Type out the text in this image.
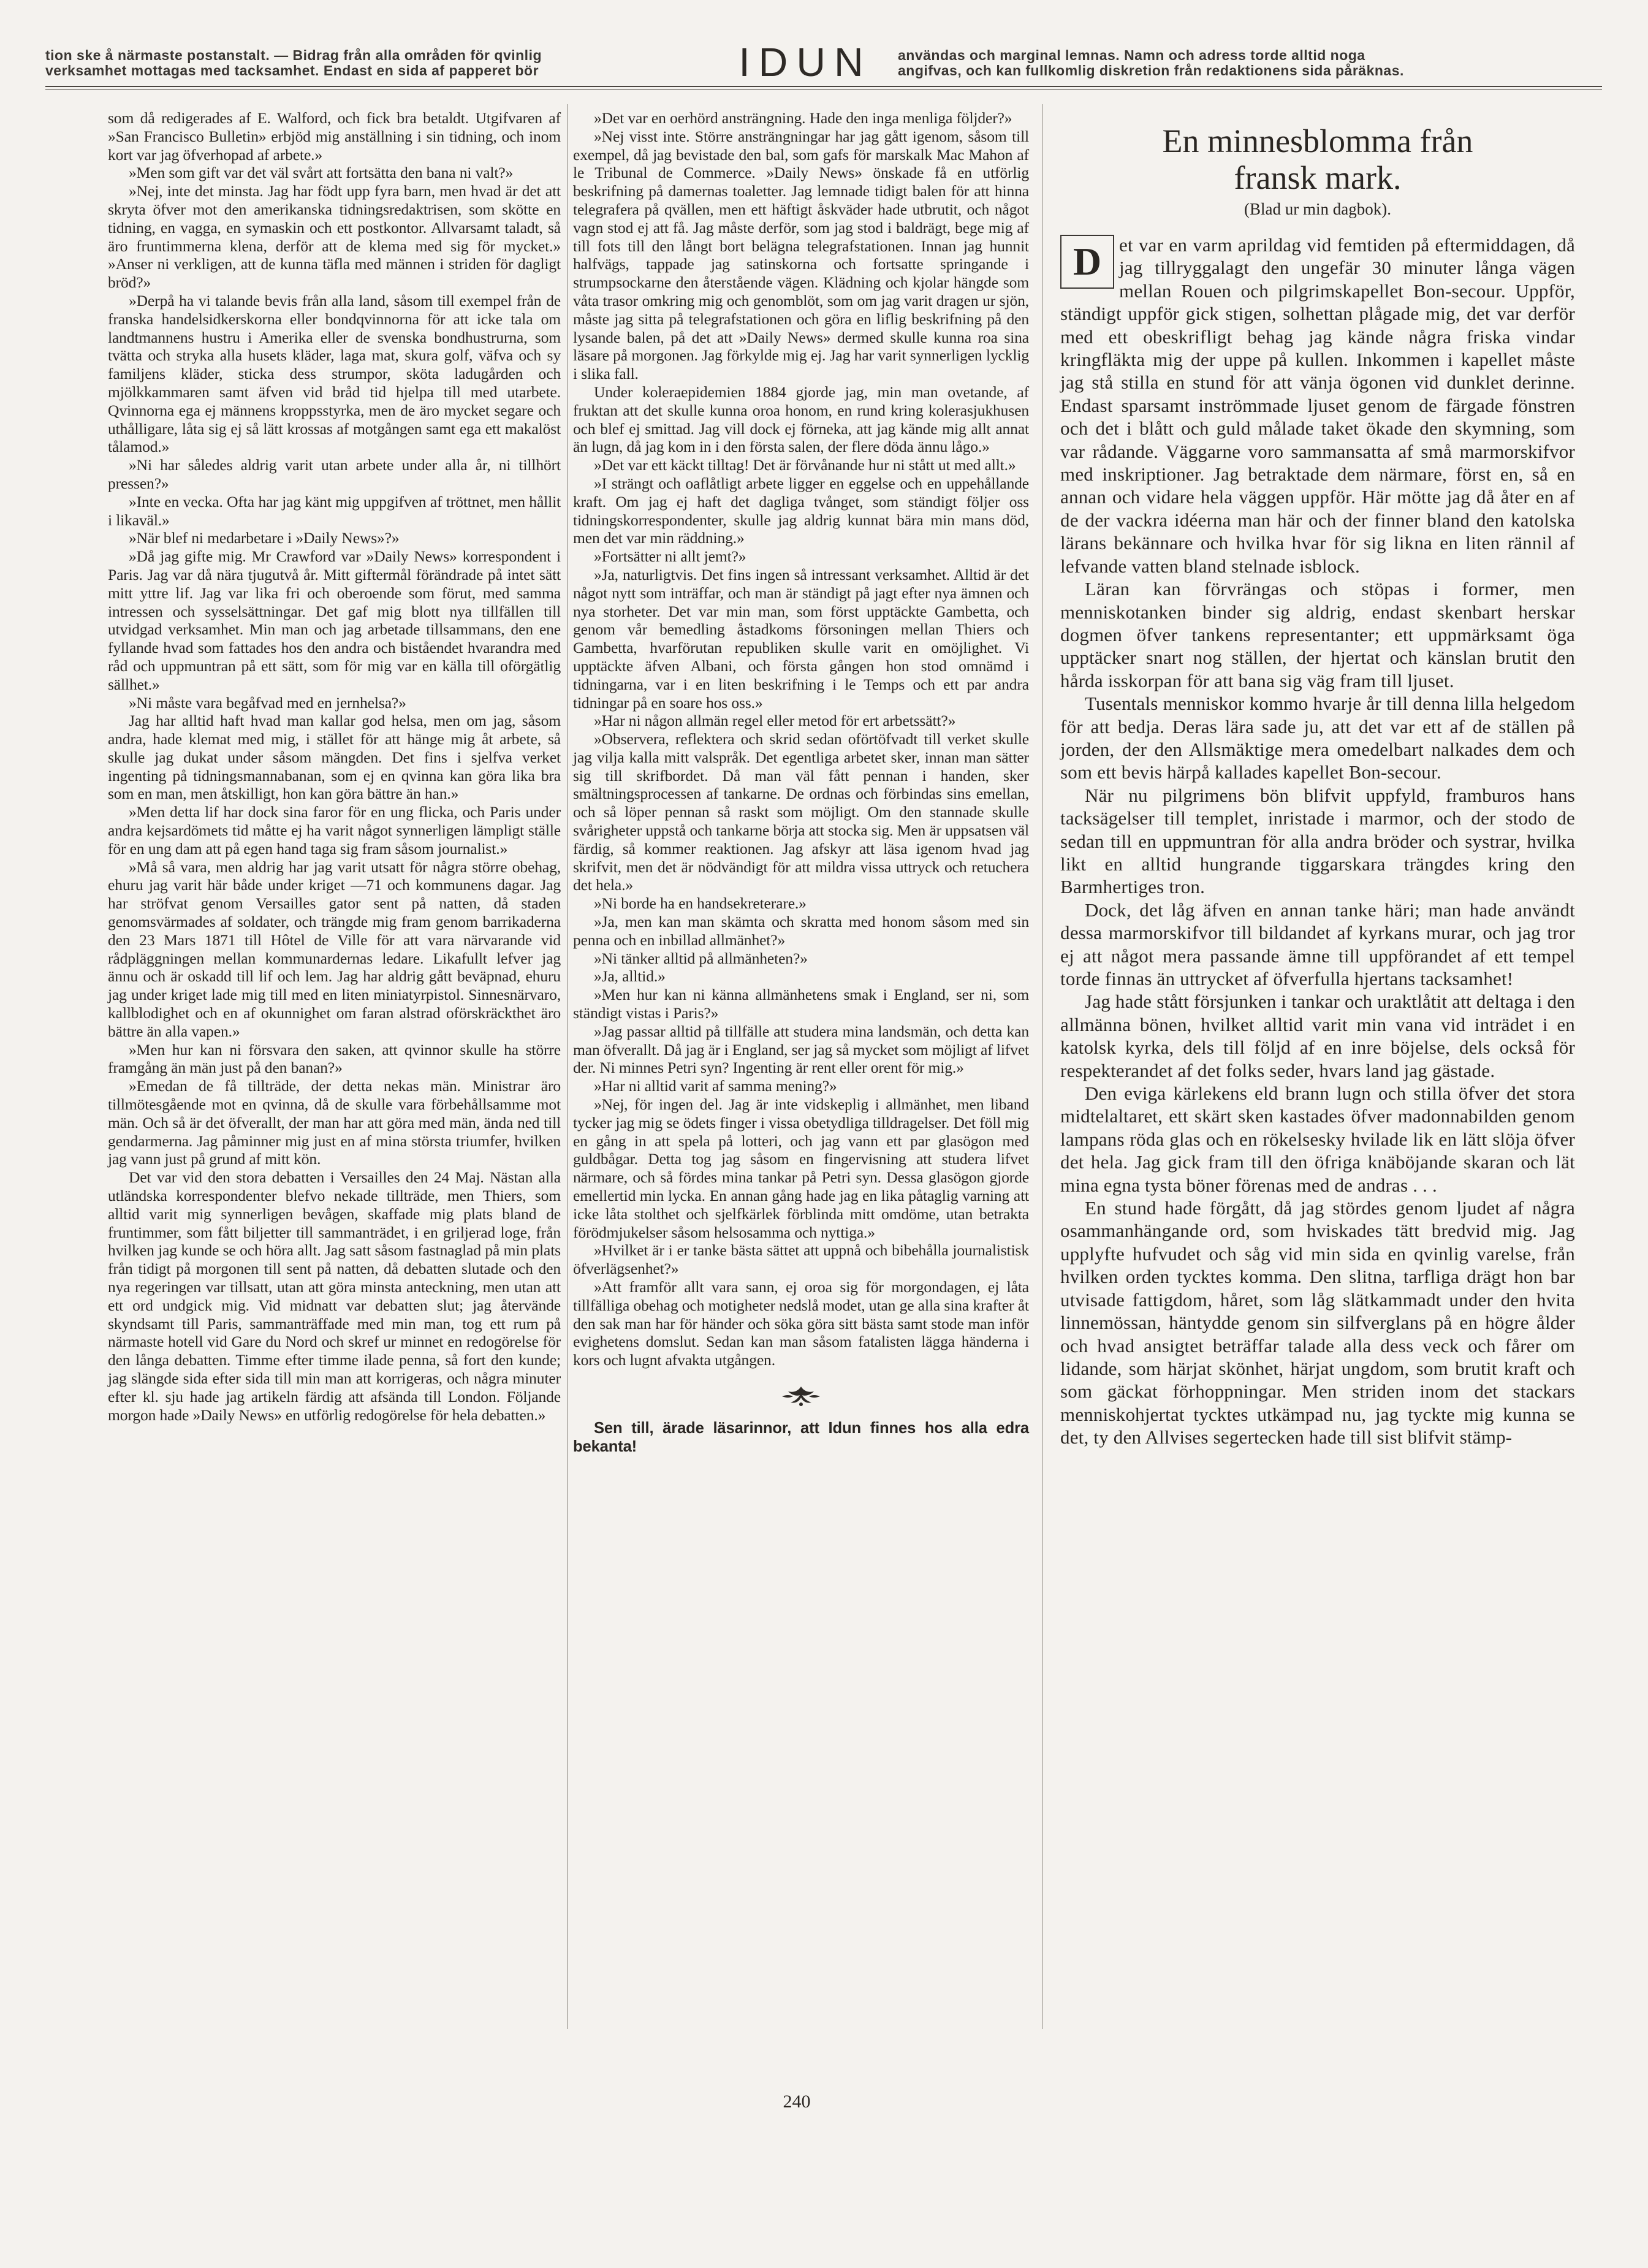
tion ske å närmaste postanstalt. — Bidrag från alla områden för qvinlig
verksamhet mottagas med tacksamhet. Endast en sida af papperet bör	IDUN användas och marginal lemnas. Namn och adress torde alltid noga
angifvas, och kan fullkomlig diskretion från redaktionens sida påräknas.

som då redigerades af E. Walford, och fick bra betaldt. Utgifvaren af »San Francisco Bulletin» erbjöd mig anställning i sin tidning, och inom kort var jag öfverhopad af arbete.»

»Men som gift var det väl svårt att fortsätta den bana ni valt?»

»Nej, inte det minsta. Jag har födt upp fyra barn, men hvad är det att skryta öfver mot den amerikanska tidningsredaktrisen, som skötte en tidning, en vagga, en symaskin och ett postkontor. Allvarsamt taladt, så äro fruntimmerna klena, derför att de klema med sig för mycket.» »Anser ni verkligen, att de kunna täfla med männen i striden för dagligt bröd?»

»Derpå ha vi talande bevis från alla land, såsom till exempel från de franska handelsidkerskorna eller bondqvinnorna för att icke tala om landtmannens hustru i Amerika eller de svenska bondhustrurna, som tvätta och stryka alla husets kläder, laga mat, skura golf, väfva och sy familjens kläder, sticka dess strumpor, sköta ladugården och mjölkkammaren samt äfven vid bråd tid hjelpa till med utarbete. Qvinnorna ega ej männens kroppsstyrka, men de äro mycket segare och uthålligare, låta sig ej så lätt krossas af motgången samt ega ett makalöst tålamod.»

»Ni har således aldrig varit utan arbete under alla år, ni tillhört pressen?»

»Inte en vecka. Ofta har jag känt mig uppgifven af tröttnet, men hållit i likaväl.»

»När blef ni medarbetare i »Daily News»?»

»Då jag gifte mig. Mr Crawford var »Daily News» korrespondent i Paris. Jag var då nära tjugutvå år. Mitt giftermål förändrade på intet sätt mitt yttre lif. Jag var lika fri och oberoende som förut, med samma intressen och sysselsättningar. Det gaf mig blott nya tillfällen till utvidgad verksamhet. Min man och jag arbetade tillsammans, den ene fyllande hvad som fattades hos den andra och biståendet hvarandra med råd och uppmuntran på ett sätt, som för mig var en källa till oförgätlig sällhet.»

»Ni måste vara begåfvad med en jernhelsa?»

Jag har alltid haft hvad man kallar god helsa, men om jag, såsom andra, hade klemat med mig, i stället för att hänge mig åt arbete, så skulle jag dukat under såsom mängden. Det fins i sjelfva verket ingenting på tidningsmannabanan, som ej en qvinna kan göra lika bra som en man, men åtskilligt, hon kan göra bättre än han.»

»Men detta lif har dock sina faror för en ung flicka, och Paris under andra kejsardömets tid måtte ej ha varit något synnerligen lämpligt ställe för en ung dam att på egen hand taga sig fram såsom journalist.»

»Må så vara, men aldrig har jag varit utsatt för några större obehag, ehuru jag varit här både under kriget —71 och kommunens dagar. Jag har ströfvat genom Versailles gator sent på natten, då staden genomsvärmades af soldater, och trängde mig fram genom barrikaderna den 23 Mars 1871 till Hôtel de Ville för att vara närvarande vid rådpläggningen mellan kommunardernas ledare. Likafullt lefver jag ännu och är oskadd till lif och lem. Jag har aldrig gått beväpnad, ehuru jag under kriget lade mig till med en liten miniatyrpistol. Sinnesnärvaro, kallblodighet och en af okunnighet om faran alstrad oförskräckthet äro bättre än alla vapen.»

»Men hur kan ni försvara den saken, att qvinnor skulle ha större framgång än män just på den banan?»

»Emedan de få tillträde, der detta nekas män. Ministrar äro tillmötesgående mot en qvinna, då de skulle vara förbehållsamme mot män. Och så är det öfverallt, der man har att göra med män, ända ned till gendarmerna. Jag påminner mig just en af mina största triumfer, hvilken jag vann just på grund af mitt kön.

Det var vid den stora debatten i Versailles den 24 Maj. Nästan alla utländska korrespondenter blefvo nekade tillträde, men Thiers, som alltid varit mig synnerligen bevågen, skaffade mig plats bland de fruntimmer, som fått biljetter till sammanträdet, i en griljerad loge, från hvilken jag kunde se och höra allt. Jag satt såsom fastnaglad på min plats från tidigt på morgonen till sent på natten, då debatten slutade och den nya regeringen var tillsatt, utan att göra minsta anteckning, men utan att ett ord undgick mig. Vid midnatt var debatten slut; jag återvände skyndsamt till Paris, sammanträffade med min man, tog ett rum på närmaste hotell vid Gare du Nord och skref ur minnet en redogörelse för den långa debatten. Timme efter timme ilade penna, så fort den kunde; jag slängde sida efter sida till min man att korrigeras, och några minuter efter kl. sju hade jag artikeln färdig att afsända till London. Följande morgon hade »Daily News» en utförlig redogörelse för hela debatten.»

»Det var en oerhörd ansträngning. Hade den inga menliga följder?»

»Nej visst inte. Större ansträngningar har jag gått igenom, såsom till exempel, då jag bevistade den bal, som gafs för marskalk Mac Mahon af le Tribunal de Commerce. »Daily News» önskade få en utförlig beskrifning på damernas toaletter. Jag lemnade tidigt balen för att hinna telegrafera på qvällen, men ett häftigt åskväder hade utbrutit, och något vagn stod ej att få. Jag måste derför, som jag stod i baldrägt, bege mig af till fots till den långt bort belägna telegrafstationen. Innan jag hunnit halfvägs, tappade jag satinskorna och fortsatte springande i strumpsockarne den återstående vägen. Klädning och kjolar hängde som våta trasor omkring mig och genomblöt, som om jag varit dragen ur sjön, måste jag sitta på telegrafstationen och göra en liflig beskrifning på den lysande balen, på det att »Daily News» dermed skulle kunna roa sina läsare på morgonen. Jag förkylde mig ej. Jag har varit synnerligen lycklig i slika fall.

Under koleraepidemien 1884 gjorde jag, min man ovetande, af fruktan att det skulle kunna oroa honom, en rund kring kolerasjukhusen och blef ej smittad. Jag vill dock ej förneka, att jag kände mig allt annat än lugn, då jag kom in i den första salen, der flere döda ännu lågo.»

»Det var ett käckt tilltag! Det är förvånande hur ni stått ut med allt.»

»I strängt och oaflåtligt arbete ligger en eggelse och en uppehållande kraft. Om jag ej haft det dagliga tvånget, som ständigt följer oss tidningskorrespondenter, skulle jag aldrig kunnat bära min mans död, men det var min räddning.»

»Fortsätter ni allt jemt?»

»Ja, naturligtvis. Det fins ingen så intressant verksamhet. Alltid är det något nytt som inträffar, och man är ständigt på jagt efter nya ämnen och nya storheter. Det var min man, som först upptäckte Gambetta, och genom vår bemedling åstadkoms försoningen mellan Thiers och Gambetta, hvarförutan republiken skulle varit en omöjlighet. Vi upptäckte äfven Albani, och första gången hon stod omnämd i tidningarna, var i en liten beskrifning i le Temps och ett par andra tidningar på en soare hos oss.»

»Har ni någon allmän regel eller metod för ert arbetssätt?»

»Observera, reflektera och skrid sedan oförtöfvadt till verket skulle jag vilja kalla mitt valspråk. Det egentliga arbetet sker, innan man sätter sig till skrifbordet. Då man väl fått pennan i handen, sker smältningsprocessen af tankarne. De ordnas och förbindas sins emellan, och så löper pennan så raskt som möjligt. Om den stannade skulle svårigheter uppstå och tankarne börja att stocka sig. Men är uppsatsen väl färdig, så kommer reaktionen. Jag afskyr att läsa igenom hvad jag skrifvit, men det är nödvändigt för att mildra vissa uttryck och retuchera det hela.»

»Ni borde ha en handsekreterare.»

»Ja, men kan man skämta och skratta med honom såsom med sin penna och en inbillad allmänhet?»

»Ni tänker alltid på allmänheten?»

»Ja, alltid.»

»Men hur kan ni känna allmänhetens smak i England, ser ni, som ständigt vistas i Paris?»

»Jag passar alltid på tillfälle att studera mina landsmän, och detta kan man öfverallt. Då jag är i England, ser jag så mycket som möjligt af lifvet der. Ni minnes Petri syn? Ingenting är rent eller orent för mig.»

»Har ni alltid varit af samma mening?»

»Nej, för ingen del. Jag är inte vidskeplig i allmänhet, men liband tycker jag mig se ödets finger i vissa obetydliga tilldragelser. Det föll mig en gång in att spela på lotteri, och jag vann ett par glasögon med guldbågar. Detta tog jag såsom en fingervisning att studera lifvet närmare, och så fördes mina tankar på Petri syn. Dessa glasögon gjorde emellertid min lycka. En annan gång hade jag en lika påtaglig varning att icke låta stolthet och sjelfkärlek förblinda mitt omdöme, utan betrakta förödmjukelser såsom helsosamma och nyttiga.»

»Hvilket är i er tanke bästa sättet att uppnå och bibehålla journalistisk öfverlägsenhet?»

»Att framför allt vara sann, ej oroa sig för morgondagen, ej låta tillfälliga obehag och motigheter nedslå modet, utan ge alla sina krafter åt den sak man har för händer och söka göra sitt bästa samt stode man inför evighetens domslut. Sedan kan man såsom fatalisten lägga händerna i kors och lugnt afvakta utgången.

Sen till, ärade läsarinnor, att Idun finnes hos alla edra bekanta!

En minnesblomma från
fransk mark.
(Blad ur min dagbok).
D et var en varm aprildag vid femtiden på eftermiddagen, då jag tillryggalagt den ungefär 30 minuter långa vägen mellan Rouen och pilgrimskapellet Bon-secour. Uppför, ständigt uppför gick stigen, solhettan plågade mig, det var derför med ett obeskrifligt behag jag kände några friska vindar kringfläkta mig der uppe på kullen. Inkommen i kapellet måste jag stå stilla en stund för att vänja ögonen vid dunklet derinne. Endast sparsamt inströmmade ljuset genom de färgade fönstren och det i blått och guld målade taket ökade den skymning, som var rådande. Väggarne voro sammansatta af små marmorskifvor med inskriptioner. Jag betraktade dem närmare, först en, så en annan och vidare hela väggen uppför. Här mötte jag då åter en af de der vackra idéerna man här och der finner bland den katolska lärans bekännare och hvilka hvar för sig likna en liten rännil af lefvande vatten bland stelnade isblock.

Läran kan förvrängas och stöpas i former, men menniskotanken binder sig aldrig, endast skenbart herskar dogmen öfver tankens representanter; ett uppmärksamt öga upptäcker snart nog ställen, der hjertat och känslan brutit den hårda isskorpan för att bana sig väg fram till ljuset.

Tusentals menniskor kommo hvarje år till denna lilla helgedom för att bedja. Deras lära sade ju, att det var ett af de ställen på jorden, der den Allsmäktige mera omedelbart nalkades dem och som ett bevis härpå kallades kapellet Bon-secour.

När nu pilgrimens bön blifvit uppfyld, framburos hans tacksägelser till templet, inristade i marmor, och der stodo de sedan till en uppmuntran för alla andra bröder och systrar, hvilka likt en alltid hungrande tiggarskara trängdes kring den Barmhertiges tron.

Dock, det låg äfven en annan tanke häri; man hade användt dessa marmorskifvor till bildandet af kyrkans murar, och jag tror ej att något mera passande ämne till uppförandet af ett tempel torde finnas än uttrycket af öfverfulla hjertans tacksamhet!

Jag hade stått försjunken i tankar och uraktlåtit att deltaga i den allmänna bönen, hvilket alltid varit min vana vid inträdet i en katolsk kyrka, dels till följd af en inre böjelse, dels också för respekterandet af det folks seder, hvars land jag gästade.

Den eviga kärlekens eld brann lugn och stilla öfver det stora midtelaltaret, ett skärt sken kastades öfver madonnabilden genom lampans röda glas och en rökelsesky hvilade lik en lätt slöja öfver det hela. Jag gick fram till den öfriga knäböjande skaran och lät mina egna tysta böner förenas med de andras . . .

En stund hade förgått, då jag stördes genom ljudet af några osammanhängande ord, som hviskades tätt bredvid mig. Jag upplyfte hufvudet och såg vid min sida en qvinlig varelse, från hvilken orden tycktes komma. Den slitna, tarfliga drägt hon bar utvisade fattigdom, håret, som låg slätkammadt under den hvita linnemössan, häntydde genom sin silfverglans på en högre ålder och hvad ansigtet beträffar talade alla dess veck och fårer om lidande, som härjat skönhet, härjat ungdom, som brutit kraft och som gäckat förhoppningar. Men striden inom det stackars menniskohjertat tycktes utkämpad nu, jag tyckte mig kunna se det, ty den Allvises segertecken hade till sist blifvit stämp-

240
